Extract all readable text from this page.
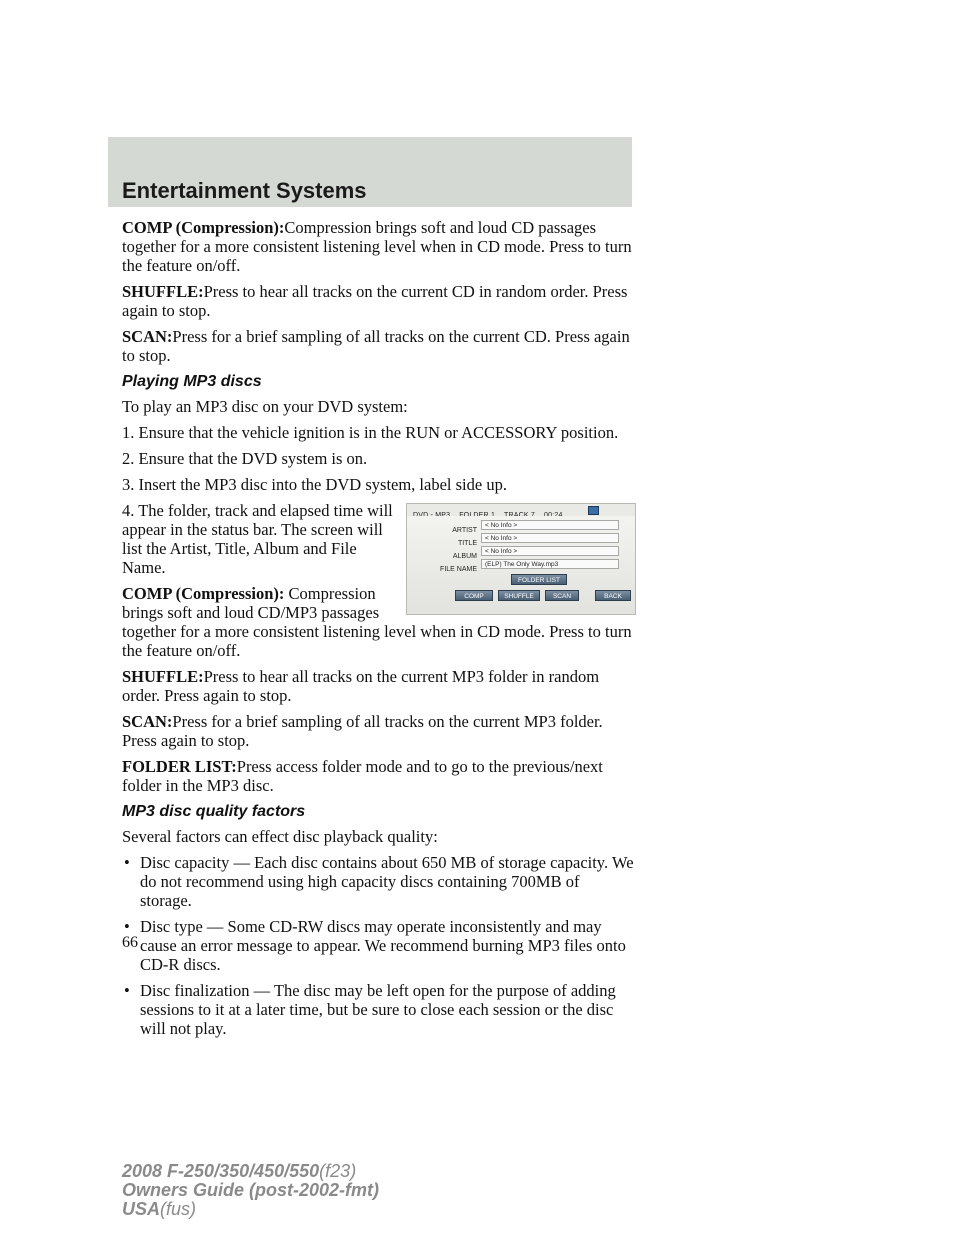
Entertainment Systems

COMP (Compression):Compression brings soft and loud CD passages together for a more consistent listening level when in CD mode. Press to turn the feature on/off.

SHUFFLE:Press to hear all tracks on the current CD in random order. Press again to stop.

SCAN:Press for a brief sampling of all tracks on the current CD. Press again to stop.

Playing MP3 discs

To play an MP3 disc on your DVD system:

1. Ensure that the vehicle ignition is in the RUN or ACCESSORY position.

2. Ensure that the DVD system is on.

3. Insert the MP3 disc into the DVD system, label side up.

ARTIST
< No Info >
TITLE
< No Info >
ALBUM
< No Info >
FILE NAME
(ELP) The Only Way.mp3
FOLDER LIST
COMP	SHUFFLE	SCAN	BACK

4. The folder, track and elapsed time will appear in the status bar. The screen will list the Artist, Title, Album and File Name.

COMP (Compression): Compression brings soft and loud CD/MP3 passages together for a more consistent listening level when in CD mode. Press to turn the feature on/off.

SHUFFLE:Press to hear all tracks on the current MP3 folder in random order. Press again to stop.

SCAN:Press for a brief sampling of all tracks on the current MP3 folder. Press again to stop.

FOLDER LIST:Press access folder mode and to go to the previous/next folder in the MP3 disc.

MP3 disc quality factors

Several factors can effect disc playback quality:

• Disc capacity — Each disc contains about 650 MB of storage capacity. We do not recommend using high capacity discs containing 700MB of storage.

• Disc type — Some CD-RW discs may operate inconsistently and may cause an error message to appear. We recommend burning MP3 files onto CD-R discs.

• Disc finalization — The disc may be left open for the purpose of adding sessions to it at a later time, but be sure to close each session or the disc will not play.

66
2008 F-250/350/450/550(f23)
Owners Guide (post-2002-fmt)
USA(fus)
